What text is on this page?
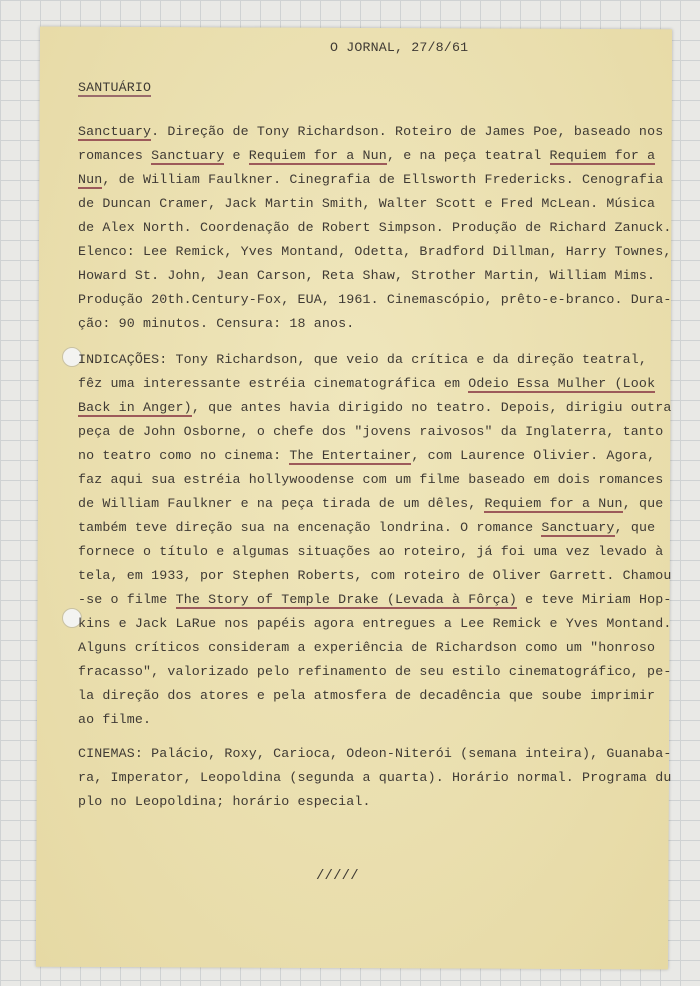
O JORNAL, 27/8/61
SANTUÁRIO
Sanctuary. Direção de Tony Richardson. Roteiro de James Poe, baseado nos
romances Sanctuary e Requiem for a Nun, e na peça teatral Requiem for a
Nun, de William Faulkner. Cinegrafia de Ellsworth Fredericks. Cenografia
de Duncan Cramer, Jack Martin Smith, Walter Scott e Fred McLean. Música
de Alex North. Coordenação de Robert Simpson. Produção de Richard Zanuck.
Elenco: Lee Remick, Yves Montand, Odetta, Bradford Dillman, Harry Townes,
Howard St. John, Jean Carson, Reta Shaw, Strother Martin, William Mims.
Produção 20th.Century-Fox, EUA, 1961. Cinemascópio, prêto-e-branco. Dura-
ção: 90 minutos. Censura: 18 anos.
INDICAÇÕES: Tony Richardson, que veio da crítica e da direção teatral,
fêz uma interessante estréia cinematográfica em Odeio Essa Mulher (Look
Back in Anger), que antes havia dirigido no teatro. Depois, dirigiu outra
peça de John Osborne, o chefe dos "jovens raivosos" da Inglaterra, tanto
no teatro como no cinema: The Entertainer, com Laurence Olivier. Agora,
faz aqui sua estréia hollywoodense com um filme baseado em dois romances
de William Faulkner e na peça tirada de um dêles, Requiem for a Nun, que
também teve direção sua na encenação londrina. O romance Sanctuary, que
fornece o título e algumas situações ao roteiro, já foi uma vez levado à
tela, em 1933, por Stephen Roberts, com roteiro de Oliver Garrett. Chamou
-se o filme The Story of Temple Drake (Levada à Fôrça) e teve Miriam Hop-
kins e Jack LaRue nos papéis agora entregues a Lee Remick e Yves Montand.
Alguns críticos consideram a experiência de Richardson como um "honroso
fracasso", valorizado pelo refinamento de seu estilo cinematográfico, pe-
la direção dos atores e pela atmosfera de decadência que soube imprimir
ao filme.
CINEMAS: Palácio, Roxy, Carioca, Odeon-Niterói (semana inteira), Guanaba-
ra, Imperator, Leopoldina (segunda a quarta). Horário normal. Programa du
plo no Leopoldina; horário especial.
/////
